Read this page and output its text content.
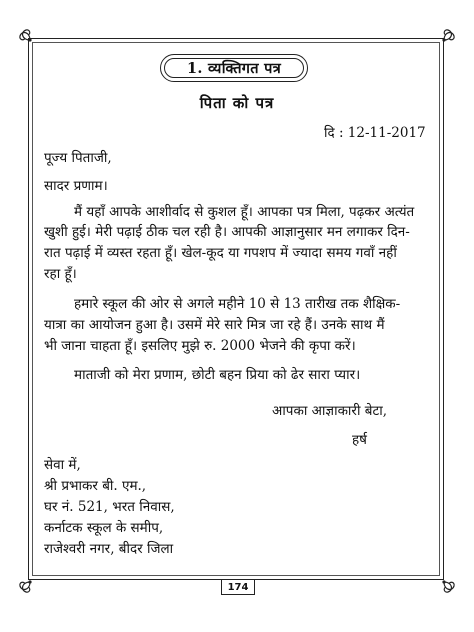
1. व्यक्तिगत पत्र
पिता को पत्र
दि : 12-11-2017
पूज्य पिताजी,
सादर प्रणाम।
मैं यहाँ आपके आशीर्वाद से कुशल हूँ। आपका पत्र मिला, पढ़कर अत्यंत
खुशी हुई। मेरी पढ़ाई ठीक चल रही है। आपकी आज्ञानुसार मन लगाकर दिन-
रात पढ़ाई में व्यस्त रहता हूँ। खेल-कूद या गपशप में ज्यादा समय गवाँ नहीं
रहा हूँ।
हमारे स्कूल की ओर से अगले महीने 10 से 13 तारीख तक शैक्षिक-
यात्रा का आयोजन हुआ है। उसमें मेरे सारे मित्र जा रहे हैं। उनके साथ मैं
भी जाना चाहता हूँ। इसलिए मुझे रु. 2000 भेजने की कृपा करें।
माताजी को मेरा प्रणाम, छोटी बहन प्रिया को ढेर सारा प्यार।
आपका आज्ञाकारी बेटा,
हर्ष
सेवा में,
श्री प्रभाकर बी. एम.,
घर नं. 521, भरत निवास,
कर्नाटक स्कूल के समीप,
राजेश्वरी नगर, बीदर जिला
174
